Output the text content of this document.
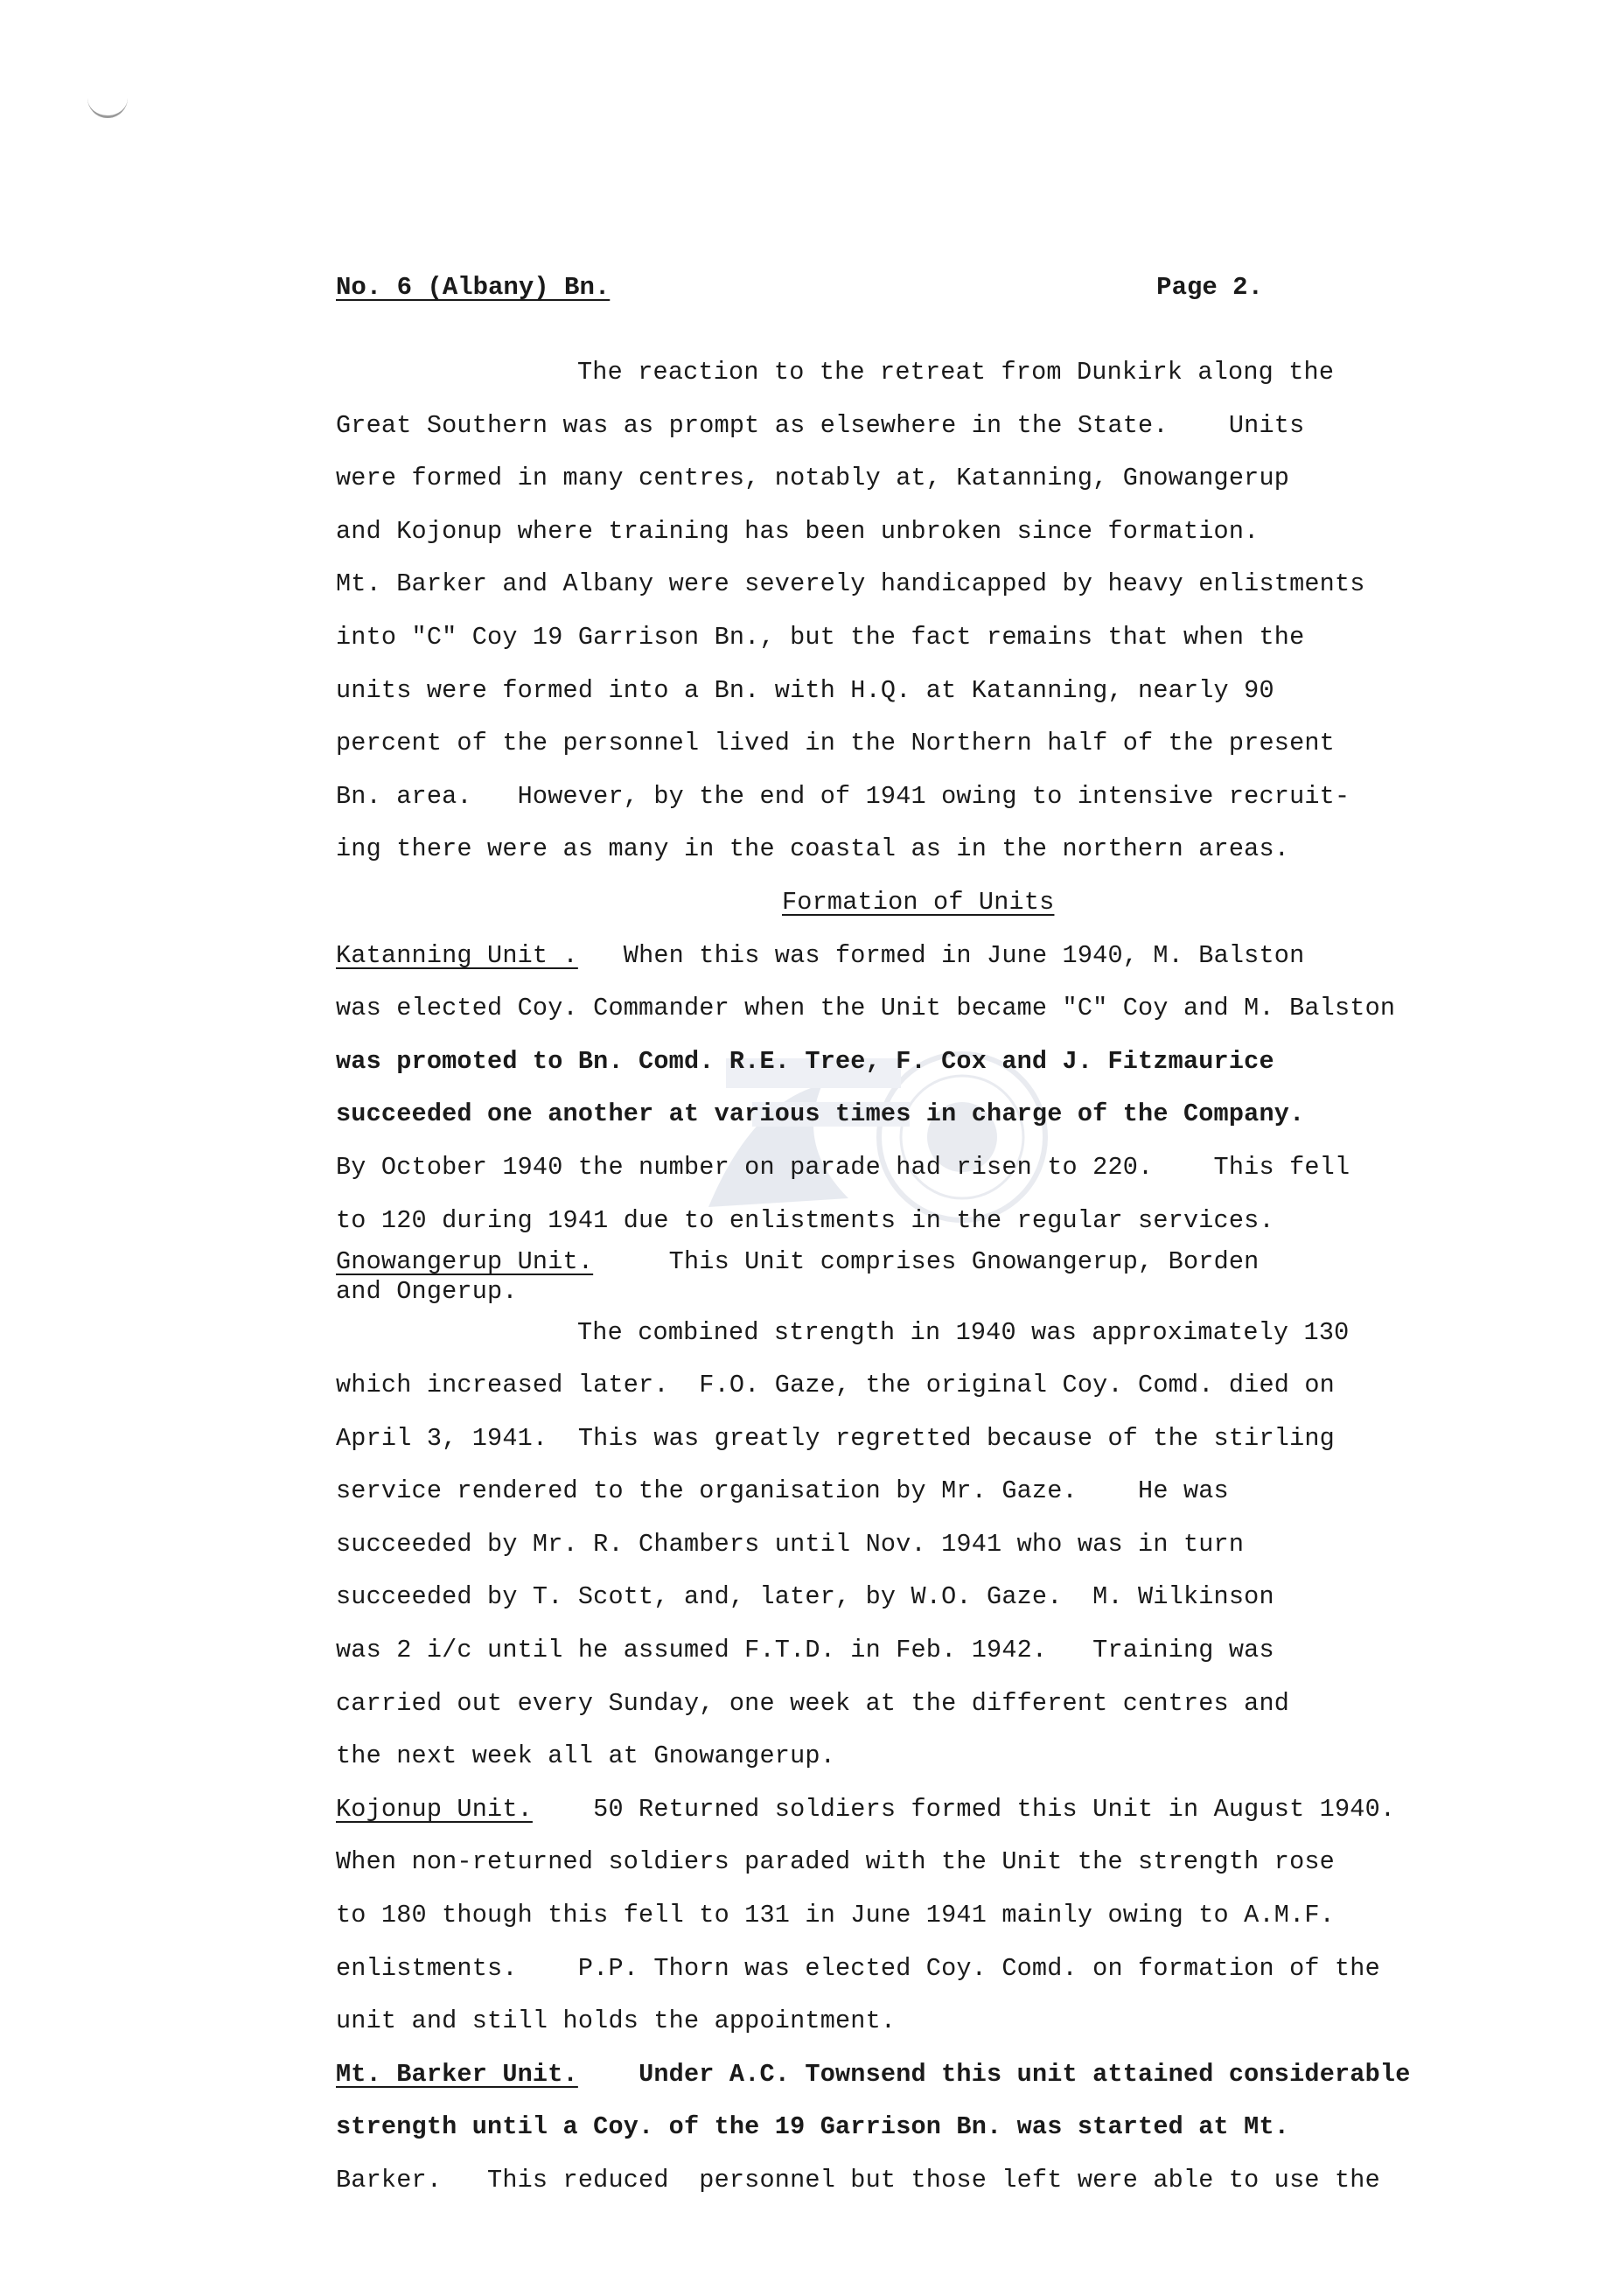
No. 6 (Albany) Bn.	Page 2.
The reaction to the retreat from Dunkirk along the
Great Southern was as prompt as elsewhere in the State.    Units
were formed in many centres, notably at, Katanning, Gnowangerup
and Kojonup where training has been unbroken since formation.
Mt. Barker and Albany were severely handicapped by heavy enlistments
into "C" Coy 19 Garrison Bn., but the fact remains that when the
units were formed into a Bn. with H.Q. at Katanning, nearly 90
percent of the personnel lived in the Northern half of the present
Bn. area.   However, by the end of 1941 owing to intensive recruit-
ing there were as many in the coastal as in the northern areas.
Formation of Units
Katanning Unit .   When this was formed in June 1940, M. Balston
was elected Coy. Commander when the Unit became "C" Coy and M. Balston
was promoted to Bn. Comd. R.E. Tree, F. Cox and J. Fitzmaurice
succeeded one another at various times in charge of the Company.
By October 1940 the number on parade had risen to 220.    This fell
to 120 during 1941 due to enlistments in the regular services.
Gnowangerup Unit.     This Unit comprises Gnowangerup, Borden
and Ongerup.
The combined strength in 1940 was approximately 130
which increased later.  F.O. Gaze, the original Coy. Comd. died on
April 3, 1941.  This was greatly regretted because of the stirling
service rendered to the organisation by Mr. Gaze.    He was
succeeded by Mr. R. Chambers until Nov. 1941 who was in turn
succeeded by T. Scott, and, later, by W.O. Gaze.  M. Wilkinson
was 2 i/c until he assumed F.T.D. in Feb. 1942.   Training was
carried out every Sunday, one week at the different centres and
the next week all at Gnowangerup.
Kojonup Unit.    50 Returned soldiers formed this Unit in August 1940.
When non-returned soldiers paraded with the Unit the strength rose
to 180 though this fell to 131 in June 1941 mainly owing to A.M.F.
enlistments.    P.P. Thorn was elected Coy. Comd. on formation of the
unit and still holds the appointment.
Mt. Barker Unit.    Under A.C. Townsend this unit attained considerable
strength until a Coy. of the 19 Garrison Bn. was started at Mt.
Barker.   This reduced  personnel but those left were able to use the
